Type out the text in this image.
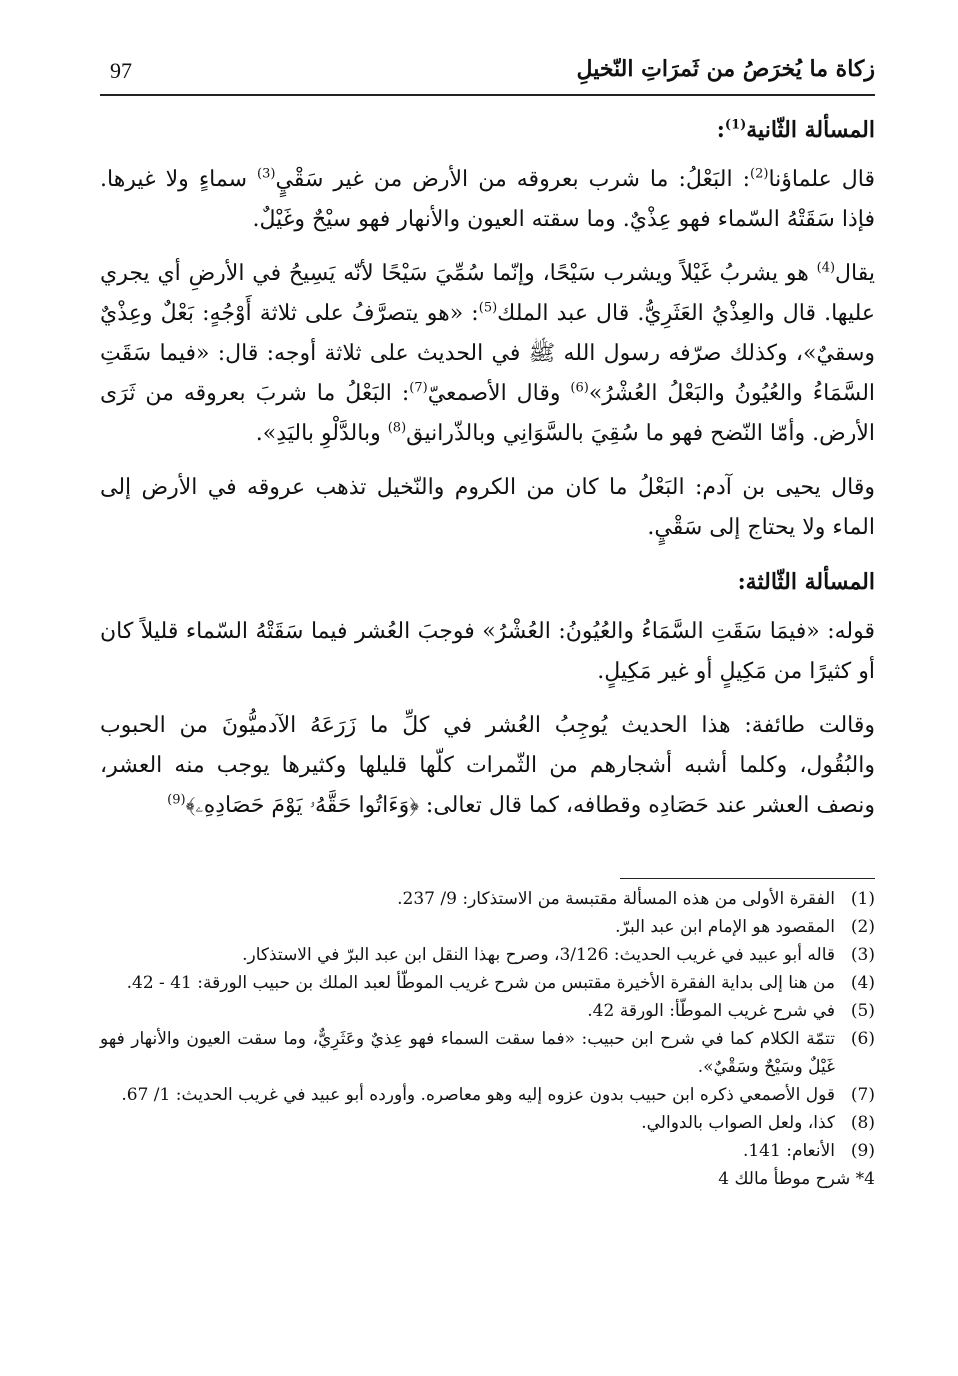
زكاة ما يُخرَصُ من ثَمرَاتِ النّخيلِ
97
المسألة الثّانية$^{(1)}$:

قال علماؤنا$^{(2)}$: البَعْلُ: ما شرب بعروقه من الأرض من غير سَقْيٍ$^{(3)}$ سماءٍ ولا غيرها. فإذا سَقَتْهُ السّماء فهو عِذْيٌ. وما سقته العيون والأنهار فهو سيْحٌ وغَيْلٌ.

يقال$^{(4)}$ هو يشربُ غَيْلاً ويشرب سَيْحًا، وإنّما سُمِّيَ سَيْحًا لأنّه يَسِيحُ في الأرضِ أي يجري عليها. قال والعِذْيُ العَثَرِيُّ. قال عبد الملك$^{(5)}$: «هو يتصرَّفُ على ثلاثة أَوْجُهٍ: بَعْلٌ وعِذْيٌ وسقيٌ»، وكذلك صرّفه رسول الله ﷺ في الحديث على ثلاثة أوجه: قال: «فيما سَقَتِ السَّمَاءُ والعُيُونُ والبَعْلُ العُشْرُ»$^{(6)}$ وقال الأصمعيّ$^{(7)}$: البَعْلُ ما شربَ بعروقه من ثَرَى الأرض. وأمّا النّضح فهو ما سُقِيَ بالسَّوَانِي وبالذّرانيق$^{(8)}$ وبالدَّلْوِ باليَدِ».

وقال يحيى بن آدم: البَعْلُ ما كان من الكروم والنّخيل تذهب عروقه في الأرض إلى الماء ولا يحتاج إلى سَقْيٍ.

المسألة الثّالثة:

قوله: «فيمَا سَقَتِ السَّمَاءُ والعُيُونُ: العُشْرُ» فوجبَ العُشر فيما سَقَتْهُ السّماء قليلاً كان أو كثيرًا من مَكِيلٍ أو غير مَكِيلٍ.

وقالت طائفة: هذا الحديث يُوجِبُ العُشر في كلِّ ما زَرَعَهُ الآدميُّونَ من الحبوب والبُقُول، وكلما أشبه أشجارهم من الثّمرات كلّها قليلها وكثيرها يوجب منه العشر، ونصف العشر عند حَصَادِه وقطافه، كما قال تعالى: ﴿وَءَاتُوا حَقَّهُۥ يَوْمَ حَصَادِهِۦ﴾$^{(9)}$

(1)
الفقرة الأولى من هذه المسألة مقتبسة من الاستذكار: 9/ 237.
(2)
المقصود هو الإمام ابن عبد البرّ.
(3)
قاله أبو عبيد في غريب الحديث: 3/126، وصرح بهذا النقل ابن عبد البرّ في الاستذكار.
(4)
من هنا إلى بداية الفقرة الأخيرة مقتبس من شرح غريب الموطّأ لعبد الملك بن حبيب الورقة: 41 - 42.
(5)
في شرح غريب الموطّأ: الورقة 42.
(6)
تتمّة الكلام كما في شرح ابن حبيب: «فما سقت السماء فهو عِذيٌ وعَثَرِيٌّ، وما سقت العيون والأنهار فهو غَيْلٌ وسَيْحٌ وسَقْيٌ».
(7)
قول الأصمعي ذكره ابن حبيب بدون عزوه إليه وهو معاصره. وأورده أبو عبيد في غريب الحديث: 1/ 67.
(8)
كذا، ولعل الصواب بالدوالي.
(9)
الأنعام: 141.
4* شرح موطأ مالك 4
